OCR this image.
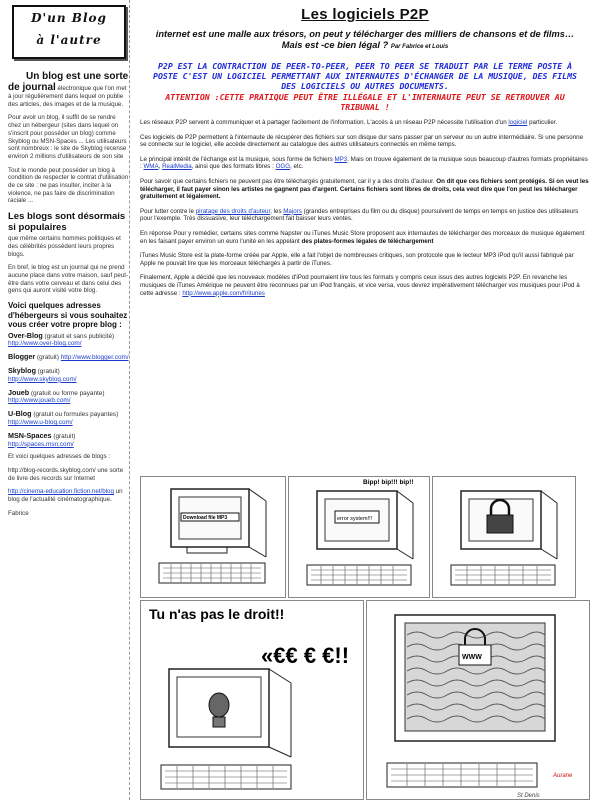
D'un Blog
à l'autre

Un blog est une sorte de journal électronique que l'on met à jour régulièrement dans lequel on publie des articles, des images et de la musique.

Pour avoir un blog, il suffit de se rendre chez un hébergeur (sites dans lequel on s'inscrit pour posséder un blog) comme Skyblog ou MSN-Spaces ... Les utilisateurs sont nombreux : le site de Skyblog recense environ 2 millions d'utilisateurs de son site

Tout le monde peut posséder un blog à condition de respecter le contrat d'utilisation de ce site : ne pas insulter, inciter à la violence, ne pas faire de discrimination raciale ...

Les blogs sont désormais si populaires

que même certains hommes politiques et des célébrités possèdent leurs propres blogs.

En bref, le blog est un journal qui ne prend aucune place dans votre maison, sauf peut-être dans votre cerveau et dans celui des gens qui auront visité votre blog.

Voici quelques adresses d'hébergeurs si vous souhaitez vous créer votre propre blog :

Over-Blog (gratuit et sans publicité) http://www.over-blog.com/

Blogger (gratuit) http://www.blogger.com/

Skyblog (gratuit) http://www.skyblog.com/

Joueb (gratuit ou forme payante) http://www.joueb.com/

U-Blog (gratuit ou formules payantes) http://www.u-blog.com/

MSN-Spaces (gratuit) http://spaces.msn.com/

Et voici quelques adresses de blogs :

http://blog-records.skyblog.com/ une sorte de livre des records sur Internet

http://cinema-education.fiction.net/blog un blog de l'actualité cinématographique.

Fabrice

Les logiciels P2P
internet est une malle aux trésors, on peut y télécharger des milliers de chansons et de films… Mais est -ce bien légal ? Par Fabrice et Louis
P2P EST LA CONTRACTION DE PEER-TO-PEER, PEER TO PEER SE TRADUIT PAR LE TERME POSTE À POSTE C'EST UN LOGICIEL PERMETTANT AUX INTERNAUTES D'ÉCHANGER DE LA MUSIQUE, DES FILMS DES LOGICIELS OU AUTRES DOCUMENTS.
ATTENTION :CETTE PRATIQUE PEUT ÊTRE ILLÉGALE ET L'INTERNAUTE PEUT SE RETROUVER AU TRIBUNAL !

Les réseaux P2P servent à communiquer et à partager facilement de l'information. L'accès à un réseau P2P nécessite l'utilisation d'un logiciel particulier.

Ces logiciels de P2P permettent à l'internaute de récupérer des fichiers sur son disque dur sans passer par un serveur ou un autre intermédiaire. Si une personne se connecte sur le logiciel, elle accède directement au catalogue des autres utilisateurs connectés en même temps.

Le principal intérêt de l'échange est la musique, sous forme de fichiers MP3. Mais on trouve également de la musique sous beaucoup d'autres formats propriétaires : WMA, RealMedia, ainsi que des formats libres : OGG, etc.

Pour savoir que certains fichiers ne peuvent pas être téléchargés gratuitement, car il y a des droits d'auteur. On dit que ces fichiers sont protégés. Si on veut les télécharger, il faut payer sinon les artistes ne gagnent pas d'argent. Certains fichiers sont libres de droits, cela veut dire que l'on peut les télécharger gratuitement et légalement.

Pour lutter contre le piratage des droits d'auteur, les Majors (grandes entreprises du film ou du disque) poursuivent de temps en temps en justice des utilisateurs pour l'exemple. Très dissuasive, leur téléchargement fait baisser leurs ventes.

En réponse Pour y remédier, certains sites comme Napster ou iTunes Music Store proposent aux internautes de télécharger des morceaux de musique également en les faisant payer environ un euro l'unité en les appelant des plates-formes légales de téléchargement

iTunes Music Store est la plate-forme créée par Apple, elle a fait l'objet de nombreuses critiques, son protocole que le lecteur MP3 iPod qu'il aussi fabriqué par Apple ne pouvait lire que les morceaux téléchargés à partir de iTunes.

Finalement, Apple a décidé que les nouveaux modèles d'iPod pourraient lire tous les formats y compris ceux issus des autres logiciels P2P. En revanche les musiques de iTunes Amérique ne peuvent être reconnues par un iPod français, et vice versa, vous devrez impérativement télécharger vos musiques pour iPod à cette adresse : http://www.apple.com/fr/itunes

Download file MP3	error system!!!
Bipp! bip!!! bip!!
Tu n'as pas le droit!!
«€€ € €!!	WWW
St Denis
Aurane
